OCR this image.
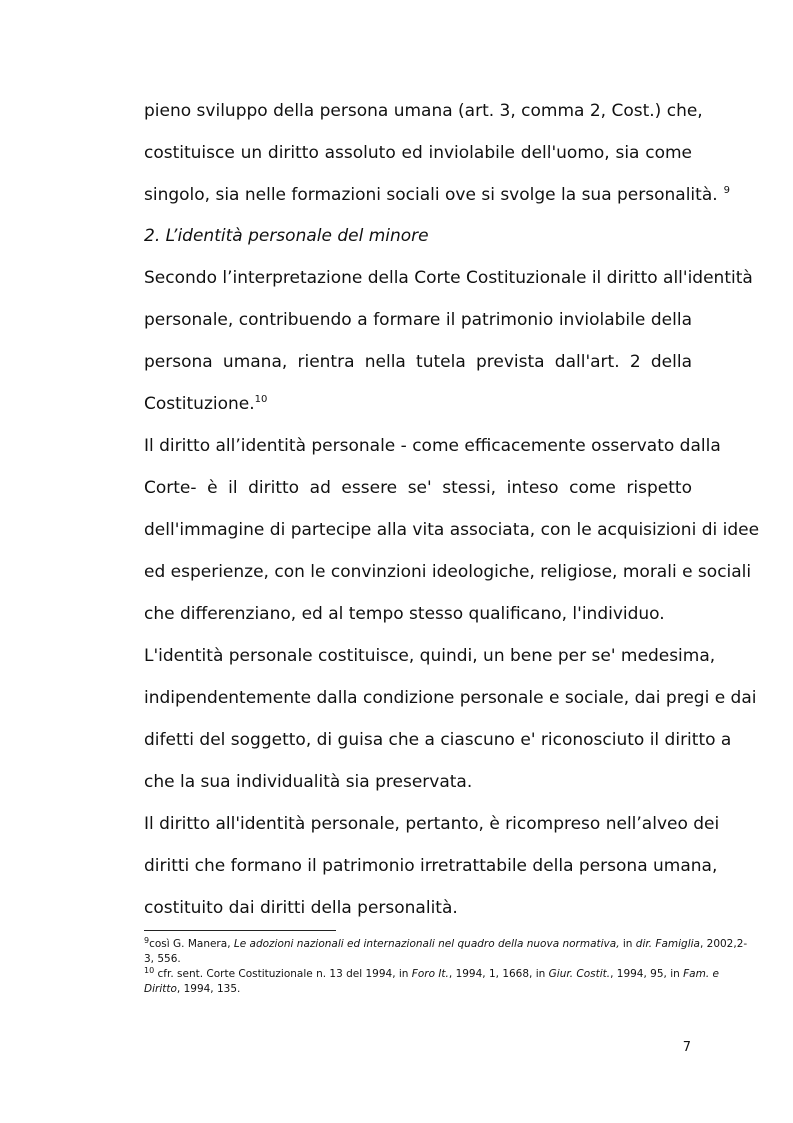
pieno sviluppo della persona umana (art. 3, comma 2, Cost.) che,
costituisce un diritto assoluto ed inviolabile dell'uomo, sia come
singolo, sia nelle formazioni sociali ove si svolge la sua personalità. $^9$
2. L’identità personale del minore
Secondo l’interpretazione della Corte Costituzionale il diritto all'identità
personale, contribuendo a formare il patrimonio inviolabile della
persona umana, rientra nella tutela prevista dall'art. 2 della
Costituzione.$^{10}$
Il diritto all’identità personale - come efficacemente osservato dalla
Corte- è il diritto ad essere se' stessi, inteso come rispetto
dell'immagine di partecipe alla vita associata, con le acquisizioni di idee
ed esperienze, con le convinzioni ideologiche, religiose, morali e sociali
che differenziano, ed al tempo stesso qualificano, l'individuo.
L'identità personale costituisce, quindi, un bene per se' medesima,
indipendentemente dalla condizione personale e sociale, dai pregi e dai
difetti del soggetto, di guisa che a ciascuno e' riconosciuto il diritto a
che la sua individualità sia preservata.
Il diritto all'identità personale, pertanto, è ricompreso nell’alveo dei
diritti che formano il patrimonio irretrattabile della persona umana,
costituito dai diritti della personalità.
$^9$così G. Manera, Le adozioni nazionali ed internazionali nel quadro della nuova normativa, in dir. Famiglia, 2002,2-
3, 556.
$^{10}$ cfr. sent. Corte Costituzionale n. 13 del 1994, in Foro It., 1994, 1, 1668, in Giur. Costit., 1994, 95, in Fam. e
Diritto, 1994, 135.
7
